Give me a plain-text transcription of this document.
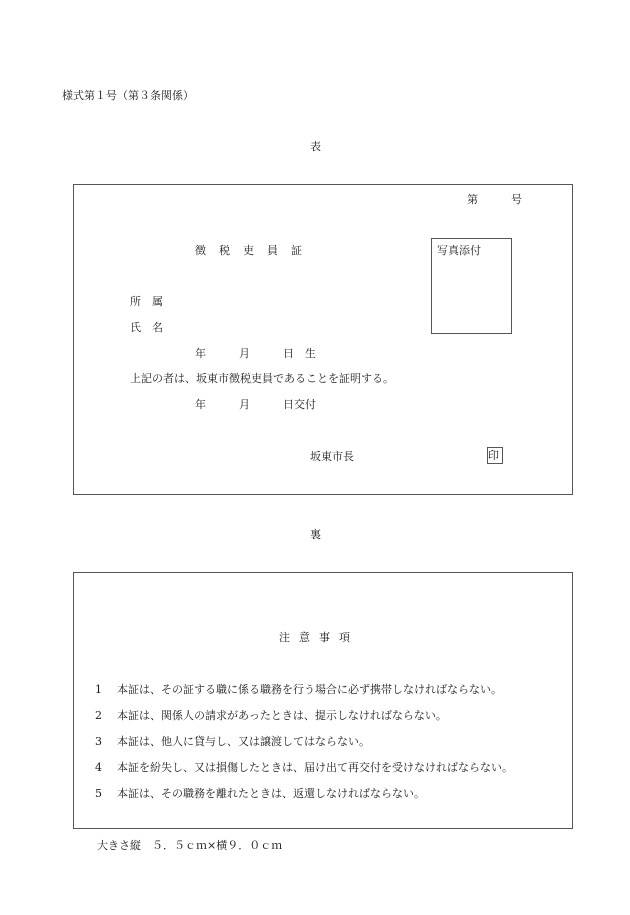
様式第１号（第３条関係）
表
第　　　号
徴税吏員証	写真添付
所　属
氏　名
年　　　月　　　日　生
上記の者は、坂東市徴税吏員であることを証明する。
年　　　月　　　日交付
坂東市長	印
裏
注意事項
1 本証は、その証する職に係る職務を行う場合に必ず携帯しなければならない。
2 本証は、関係人の請求があったときは、提示しなければならない。
3 本証は、他人に貸与し、又は譲渡してはならない。
4 本証を紛失し、又は損傷したときは、届け出て再交付を受けなければならない。
5 本証は、その職務を離れたときは、返還しなければならない。
大きさ縦　５．５ｃｍ×横９．０ｃｍ
